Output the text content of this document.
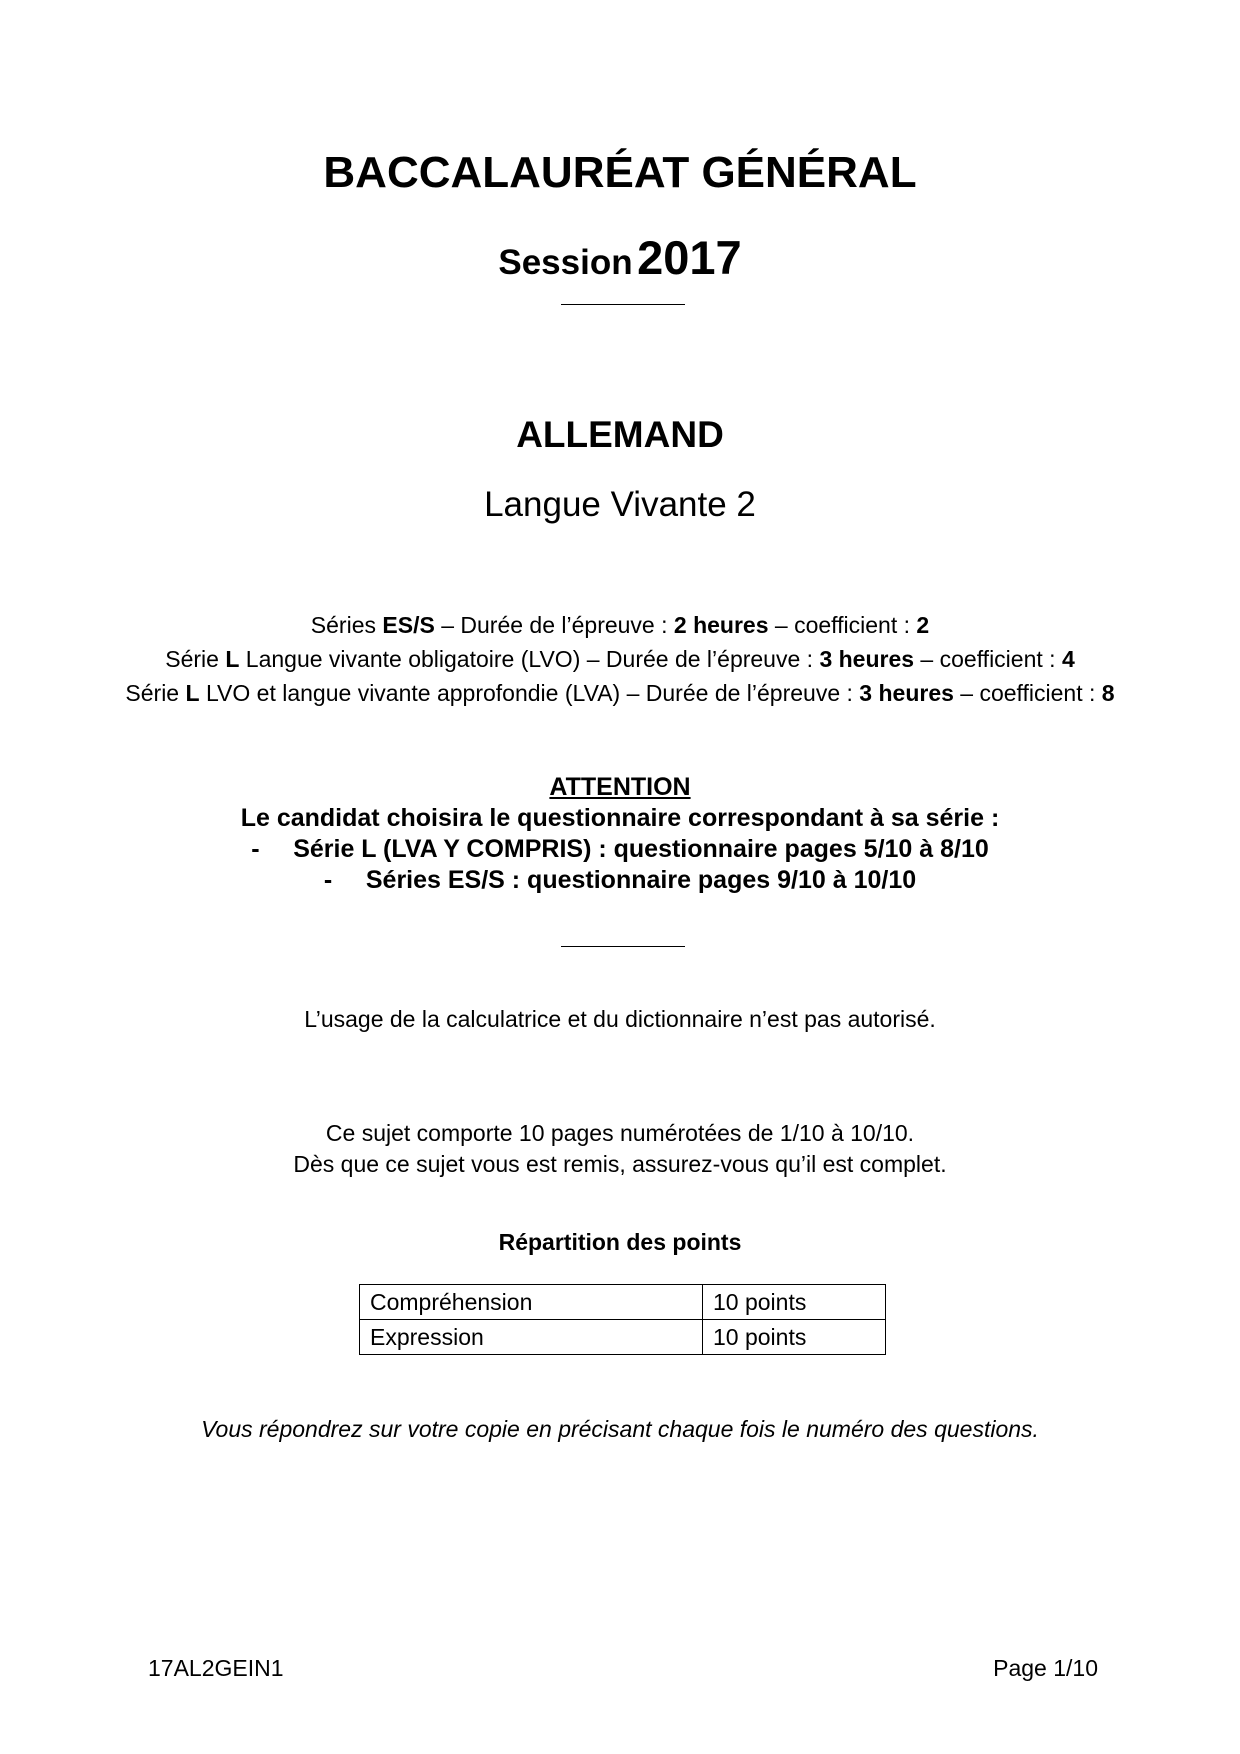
BACCALAURÉAT GÉNÉRAL
Session 2017
ALLEMAND
Langue Vivante 2
Séries ES/S – Durée de l’épreuve : 2 heures – coefficient : 2
Série L Langue vivante obligatoire (LVO) – Durée de l’épreuve : 3 heures – coefficient : 4
Série L LVO et langue vivante approfondie (LVA) – Durée de l’épreuve : 3 heures – coefficient : 8
ATTENTION
Le candidat choisira le questionnaire correspondant à sa série :
- Série L (LVA Y COMPRIS) : questionnaire pages 5/10 à 8/10
- Séries ES/S : questionnaire pages 9/10 à 10/10
L’usage de la calculatrice et du dictionnaire n’est pas autorisé.
Ce sujet comporte 10 pages numérotées de 1/10 à 10/10.
Dès que ce sujet vous est remis, assurez-vous qu’il est complet.
Répartition des points
Compréhension	10 points
Expression	10 points
Vous répondrez sur votre copie en précisant chaque fois le numéro des questions.
17AL2GEIN1	Page 1/10
